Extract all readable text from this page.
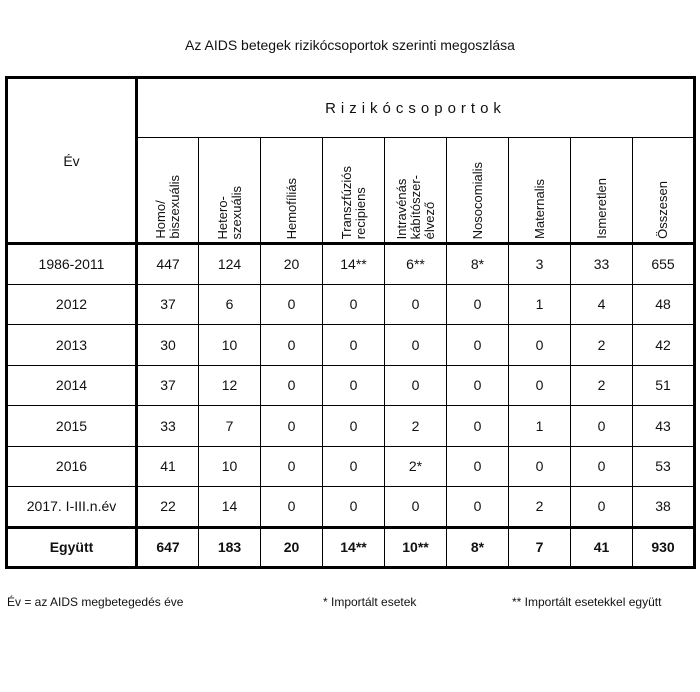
Az AIDS betegek rizikócsoportok szerinti megoszlása
Év	Rizikócsoportok								

	Homo/
biszexuális	Hetero-
szexuális	Hemofíliás	Transzfúziós
recipiens	Intravénás
kábítószer-
élvező	Nosocomialis	Maternalis	Ismeretlen	Összesen

1986-2011	447	124	20	14**	6**	8*	3	33	655
2012	37	6	0	0	0	0	1	4	48
2013	30	10	0	0	0	0	0	2	42
2014	37	12	0	0	0	0	0	2	51
2015	33	7	0	0	2	0	1	0	43
2016	41	10	0	0	2*	0	0	0	53
2017. I-III.n.év	22	14	0	0	0	0	2	0	38
Együtt	647	183	20	14**	10**	8*	7	41	930
Év = az AIDS megbetegedés éve	* Importált esetek	** Importált esetekkel együtt
